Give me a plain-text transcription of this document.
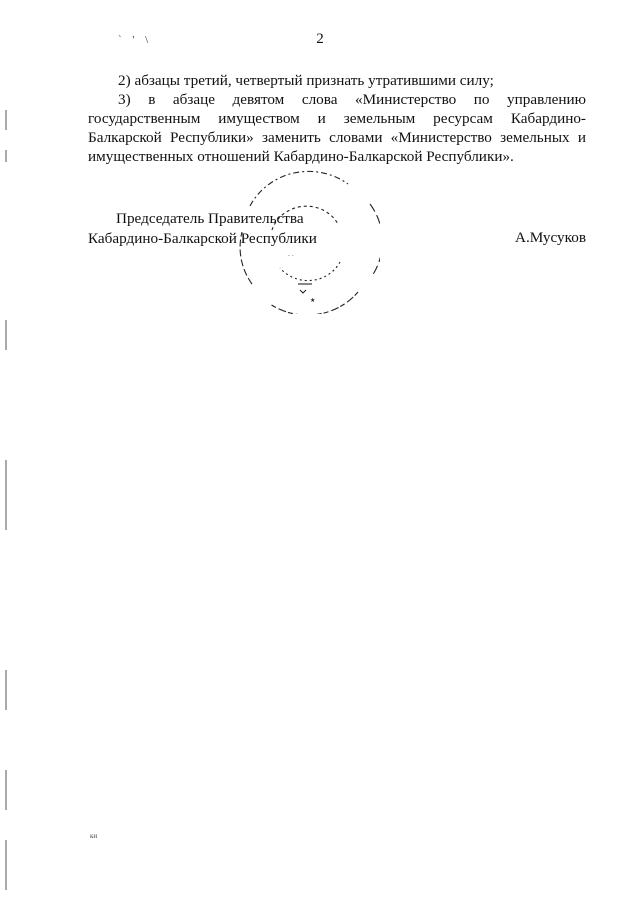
` ' \	2

2) абзацы третий, четвертый признать утратившими силу;

3) в абзаце девятом слова «Министерство по управлению государственным имуществом и земельным ресурсам Кабардино-Балкарской Республики» заменить словами «Министерство земельных и имущественных отношений Кабардино-Балкарской Республики».

★
· ·
Председатель Правительства
Кабардино-Балкарской Республики	А.Мусуков
ки
